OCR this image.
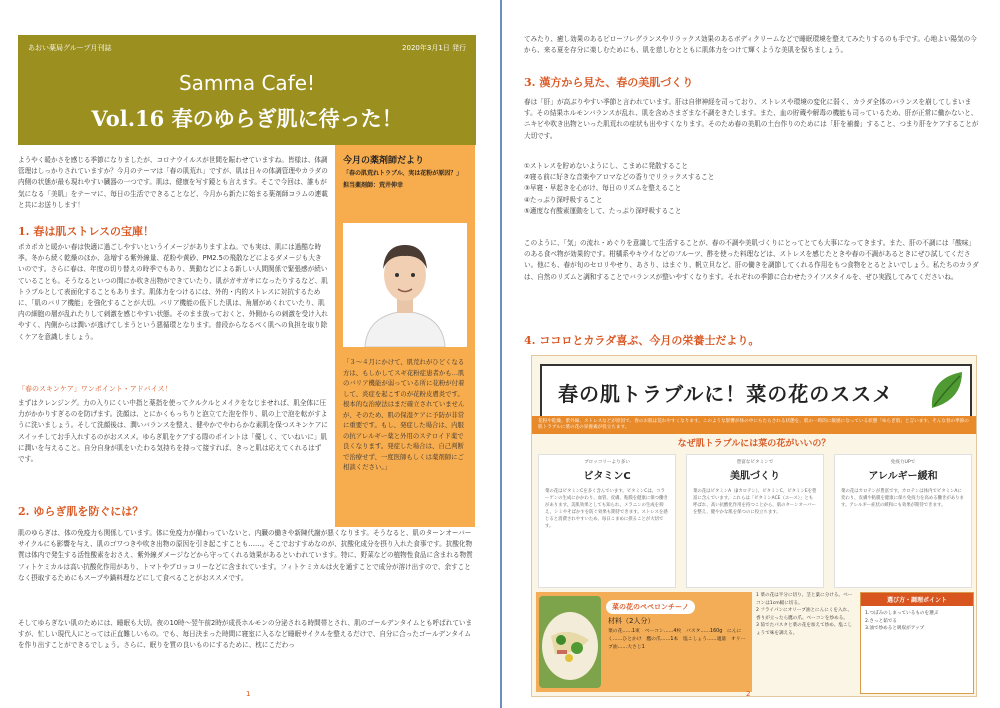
あおい薬局グループ月刊誌	2020年3月1日 発行
Samma Cafe!
Vol.16 春のゆらぎ肌に待った！
ようやく暖かさを感じる季節になりましたが、コロナウイルスが世間を賑わせていますね。皆様は、体調管理はしっかりされていますか？今月のテーマは「春の肌荒れ」ですが、肌は日々の体調管理やカラダの内側の状態が最も現れやすい臓器の一つです。肌は、健康を写す鏡とも言えます。そこで今回は、誰もが気になる「美肌」をテーマに、毎日の生活でできることなど、今月から新たに始まる薬剤師コラムの連載と共にお送りします！
1. 春は肌ストレスの宝庫！
ポカポカと暖かい春は快適に過ごしやすいというイメージがありますよね。でも実は、肌には過酷な時季。冬から続く乾燥のほか、急増する紫外線量、花粉や黄砂、PM2.5の飛散などによるダメージも大きいのです。さらに春は、年度の切り替えの時季でもあり、異動などによる新しい人間関係で緊張感が続いていることも。そうなるといつの間にか吹き出物ができていたり、肌がガサガサになったりするなど、肌トラブルとして表面化することもあります。肌体力をつけるには、外的・内的ストレスに対抗するために、「肌のバリア機能」を強化することが大切。バリア機能の低下した肌は、角層がめくれていたり、肌内の細胞の層が乱れたりして刺激を感じやすい状態。そのまま放っておくと、外側からの刺激を受け入れやすく、内側からは潤いが逃げてしまうという悪循環となります。普段からなるべく肌への負担を取り除くケアを意識しましょう。
「春のスキンケア」ワンポイント・アドバイス！
まずはクレンジング。力の入りにくい中指と薬指を使ってクルクルとメイクをなじませれば、肌全体に圧力がかかりすぎるのを防げます。洗顔は、とにかくもっちりと泡立てた泡を作り、肌の上で泡を転がすように洗いましょう。そして洗顔後は、潤いバランスを整え、健やかでやわらかな素肌を保つスキンケアにスイッチしてお手入れするのがおススメ。ゆらぎ肌をケアする際のポイントは「優しく、ていねいに」肌に潤いを与えること。自分自身が肌をいたわる気持ちを持って接すれば、きっと肌は応えてくれるはずです。
今月の薬剤師だより
「春の肌荒れトラブル、実は花粉が原因？」
担当薬剤師：荒井伸幸
「３～４月にかけて、肌荒れがひどくなる方は、もしかしてスギ花粉症患者かも…肌のバリア機能が弱っている所に花粉が付着して、炎症を起こすのが花粉皮膚炎です。根本的な治療法はまだ確立されていませんが、そのため、肌の保湿ケアに予防が非常に重要です。もし、発症した場合は、内服の抗アレルギー薬と外用のステロイド薬で良くなります。発症した場合は、自己判断で治療せず、一度医師もしくは薬剤師にご相談ください。」
2. ゆらぎ肌を防ぐには？
肌のゆらぎは、体の免疫力も関係しています。体に免疫力が備わっていないと、内臓の働きや新陳代謝が悪くなります。そうなると、肌のターンオーバーサイクルにも影響を与え、肌のゴワつきや吹き出物の原因を引き起こすことも……。そこでおすすめなのが、抗酸化成分を摂り入れた食事です。抗酸化物質は体内で発生する活性酸素をおさえ、紫外線ダメージなどから守ってくれる効果があるといわれています。特に、野菜などの植物性食品に含まれる物質フィトケミカルは高い抗酸化作用があり、トマトやブロッコリーなどに含まれています。フィトケミカルは火を通すことで成分が溶け出すので、余すことなく摂取するためにもスープや鍋料理などにして食べることがおススメです。
そしてゆらぎない肌のためには、睡眠も大切。夜の10時〜翌午前2時が成長ホルモンの分泌される時間帯とされ、肌のゴールデンタイムとも呼ばれていますが、忙しい現代人にとっては正直難しいもの。でも、毎日決まった時間に寝室に入るなど睡眠サイクルを整えるだけで、自分に合ったゴールデンタイムを作り出すことができるでしょう。さらに、眠りを質の良いものにするために、枕にこだわっ
1
てみたり、癒し効果のあるピローフレグランスやリラックス効果のあるボディクリームなどで睡眠環境を整えてみたりするのも手です。心地よい陽気の今から、来る夏を存分に楽しむためにも、肌を慈しむとともに肌体力をつけて輝くような美肌を保ちましょう。
3. 漢方から見た、春の美肌づくり
春は「肝」が高ぶりやすい季節と言われています。肝は自律神経を司っており、ストレスや環境の変化に弱く、カラダ全体のバランスを崩してしまいます。その結果ホルモンバランスが乱れ、肌を含めさまざまな不調をきたします。また、血の貯蔵や解毒の機能も司っているため、肝が正常に働かないと、ニキビや吹き出物といった肌荒れの症状も出やすくなります。そのため春の美肌の土台作りのためには「肝を補養」すること、つまり肝をケアすることが大切です。
①ストレスを貯めないようにし、こまめに発散すること
②寝る前に好きな音楽やアロマなどの香りでリラックスすること
③早寝・早起きを心がけ、毎日のリズムを整えること
④たっぷり深呼吸すること
⑤適度な有酸素運動をして、たっぷり深呼吸すること
このように、「気」の流れ・めぐりを意識して生活することが、春の不調や美肌づくりにとってとても大事になってきます。また、肝の不調には「酸味」のある食べ物が効果的です。柑橘系やキウイなどのフルーツ、酢を使った料理などは、ストレスを感じたときや春の不調があるときにぜひ試してください。他にも、春が旬のセロリやせり、あさり、はまぐり、帆立貝など、肝の働きを調節してくれる作用をもつ食物をとるとよいでしょう。私たちのカラダは、自然のリズムと調和することでバランスが整いやすくなります。それぞれの季節に合わせたライフスタイルを、ぜひ実践してみてくださいね。
4. ココロとカラダ喜ぶ、今月の栄養士だより。
春の肌トラブルに！菜の花のススメ
花粉や乾燥、紫外線、ストレスなどが原因で、春のお肌は荒れやすくなります。このような影響が体の中にもたらされる状態を、肌の一時的に敏感になっている状態「ゆらぎ肌」と言います。そんな春の季節の肌トラブルに菜の花の栄養素が役立ちます。
なぜ肌トラブルには菜の花がいいの？
ブロッコリーより多い
ビタミンC
菜の花はビタミンCを多く含んでいます。ビタミンCは、コラーゲンの生成にかかわり、血管、皮膚、粘膜を健康に保つ働きがあります。美肌効果としても知られ、メラニンの生成を抑え、シミやそばかすを防ぐ効果も期待できます。ストレスを感じると消費されやすいため、毎日こまめに摂ることが大切です。
豊富なビタミンで
美肌づくり
菜の花はビタミンA（βカロテン）、ビタミンC、ビタミンEを豊富に含んでいます。これらは「ビタミンACE（エース）」とも呼ばれ、高い抗酸化作用を持つことから、肌のターンオーバーを整え、健やかな肌を保つのに役立ちます。
免疫力UPで
アレルギー緩和
菜の花はカロテンが豊富です。カロテンは体内でビタミンAに変わり、皮膚や粘膜を健康に保ち免疫力を高める働きがあります。アレルギー症状の緩和にも効果が期待できます。
菜の花のペペロンチーノ
材料（2人分）
菜の花……1束　ベーコン……4枚　パスタ……160g　にんにく……ひとかけ　鷹の爪……1本　塩こしょう……適量　オリーブ油……大さじ1
1 菜の花は半分に切り、茎と葉に分ける。ベーコンは1cm幅に切る。
2 フライパンにオリーブ油とにんにくを入れ、香りが立ったら鷹の爪、ベーコンを炒める。
3 茹でたパスタと菜の花を加えて炒め、塩こしょうで味を調える。
選び方・調理ポイント
1.つぼみのしまっているものを選ぶ
2.さっと茹でる
3.油で炒めると吸収がアップ
2
